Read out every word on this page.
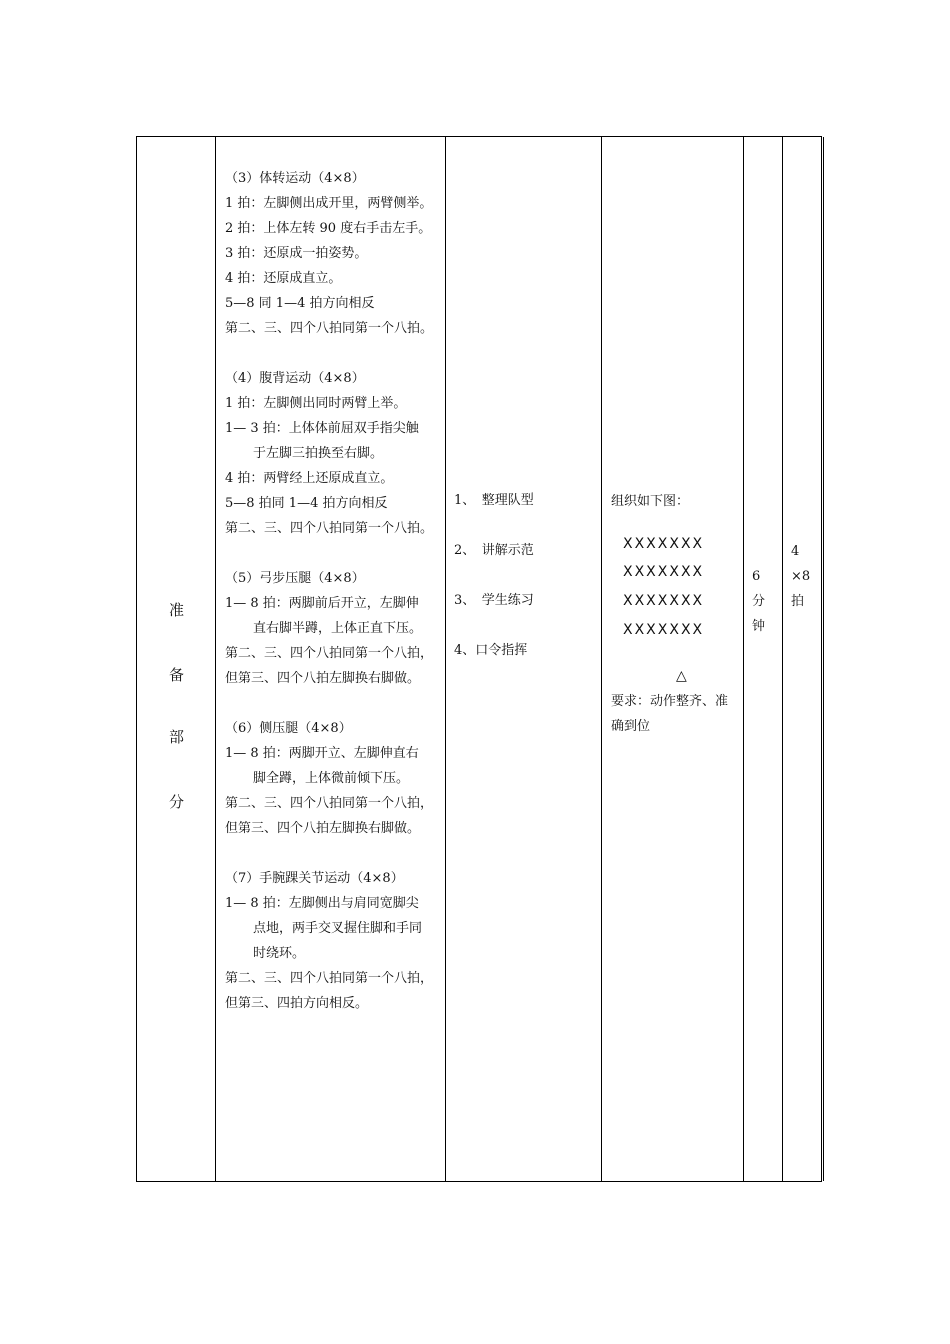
准
备
部
分
（3）体转运动（4×8）
1 拍：左脚侧出成开里，两臂侧举。
2 拍：上体左转 90 度右手击左手。
3 拍：还原成一拍姿势。
4 拍：还原成直立。
5—8 同 1—4 拍方向相反
第二、三、四个八拍同第一个八拍。
（4）腹背运动（4×8）
1 拍：左脚侧出同时两臂上举。
1— 3 拍：上体体前屈双手指尖触
于左脚三拍换至右脚。
4 拍：两臂经上还原成直立。
5—8 拍同 1—4 拍方向相反
第二、三、四个八拍同第一个八拍。
（5）弓步压腿（4×8）
1— 8 拍：两脚前后开立，左脚伸
直右脚半蹲，上体正直下压。
第二、三、四个八拍同第一个八拍，
但第三、四个八拍左脚换右脚做。
（6）侧压腿（4×8）
1— 8 拍：两脚开立、左脚伸直右
脚全蹲，上体微前倾下压。
第二、三、四个八拍同第一个八拍，
但第三、四个八拍左脚换右脚做。
（7）手腕踝关节运动（4×8）
1— 8 拍：左脚侧出与肩同宽脚尖
点地，两手交叉握住脚和手同
时绕环。
第二、三、四个八拍同第一个八拍，
但第三、四拍方向相反。
1、　整理队型
2、　讲解示范
3、　学生练习
4、口令指挥
组织如下图：
XXXXXXX
XXXXXXX
XXXXXXX
XXXXXXX
△
要求：动作整齐、准
确到位
6
分
钟
4
×8
拍
